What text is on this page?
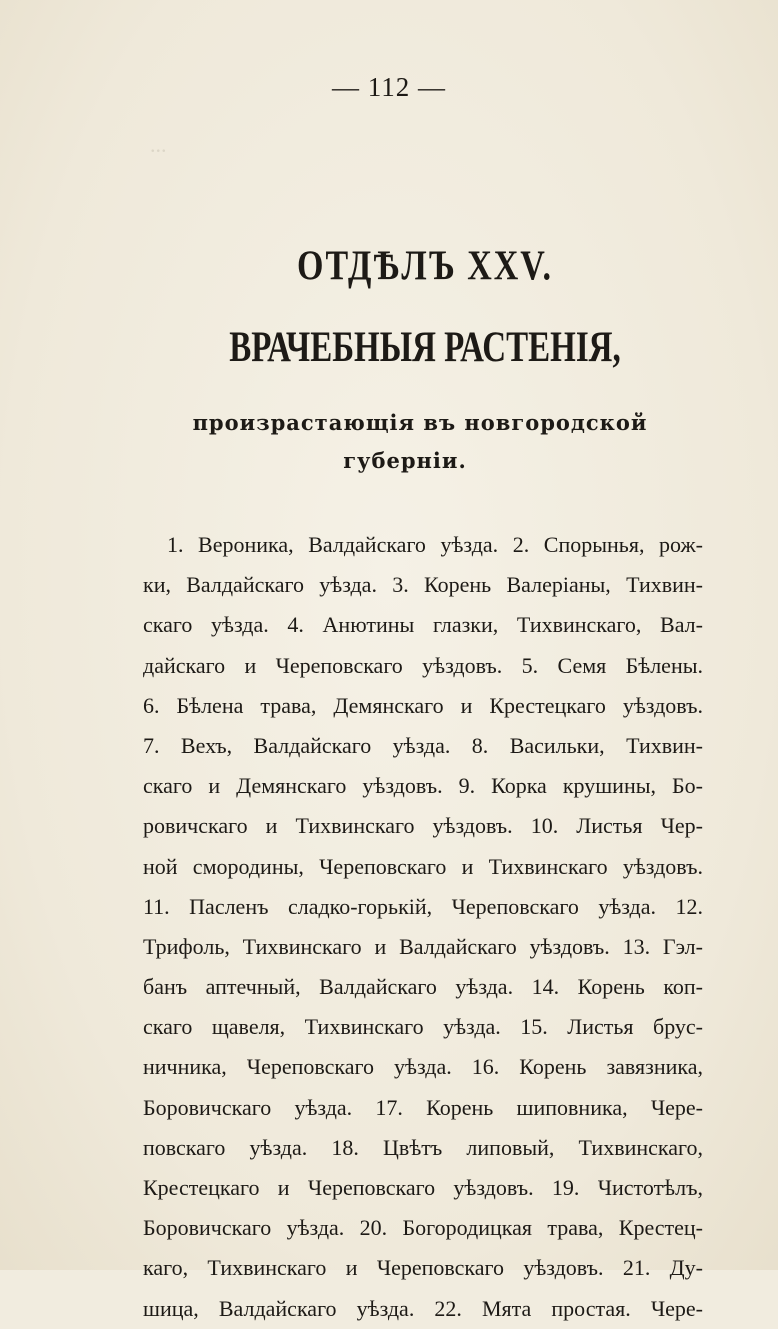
...
— 112 —
ОТДѢЛЪ XXV.
ВРАЧЕБНЫЯ РАСТЕНІЯ,
произрастающія въ новгородской
губерніи.
1. Вероника, Валдайскаго уѣзда. 2. Спорынья, рож-
ки, Валдайскаго уѣзда. 3. Корень Валеріаны, Тихвин-
скаго уѣзда. 4. Анютины глазки, Тихвинскаго, Вал-
дайскаго и Череповскаго уѣздовъ. 5. Семя Бѣлены.
6. Бѣлена трава, Демянскаго и Крестецкаго уѣздовъ.
7. Вехъ, Валдайскаго уѣзда. 8. Васильки, Тихвин-
скаго и Демянскаго уѣздовъ. 9. Корка крушины, Бо-
ровичскаго и Тихвинскаго уѣздовъ. 10. Листья Чер-
ной смородины, Череповскаго и Тихвинскаго уѣздовъ.
11. Пасленъ сладко-горькій, Череповскаго уѣзда. 12.
Трифоль, Тихвинскаго и Валдайскаго уѣздовъ. 13. Гэл-
банъ аптечный, Валдайскаго уѣзда. 14. Корень коп-
скаго щавеля, Тихвинскаго уѣзда. 15. Листья брус-
ничника, Череповскаго уѣзда. 16. Корень завязника,
Боровичскаго уѣзда. 17. Корень шиповника, Чере-
повскаго уѣзда. 18. Цвѣтъ липовый, Тихвинскаго,
Крестецкаго и Череповскаго уѣздовъ. 19. Чистотѣлъ,
Боровичскаго уѣзда. 20. Богородицкая трава, Крестец-
каго, Тихвинскаго и Череповскаго уѣздовъ. 21. Ду-
шица, Валдайскаго уѣзда. 22. Мята простая. Чере-
